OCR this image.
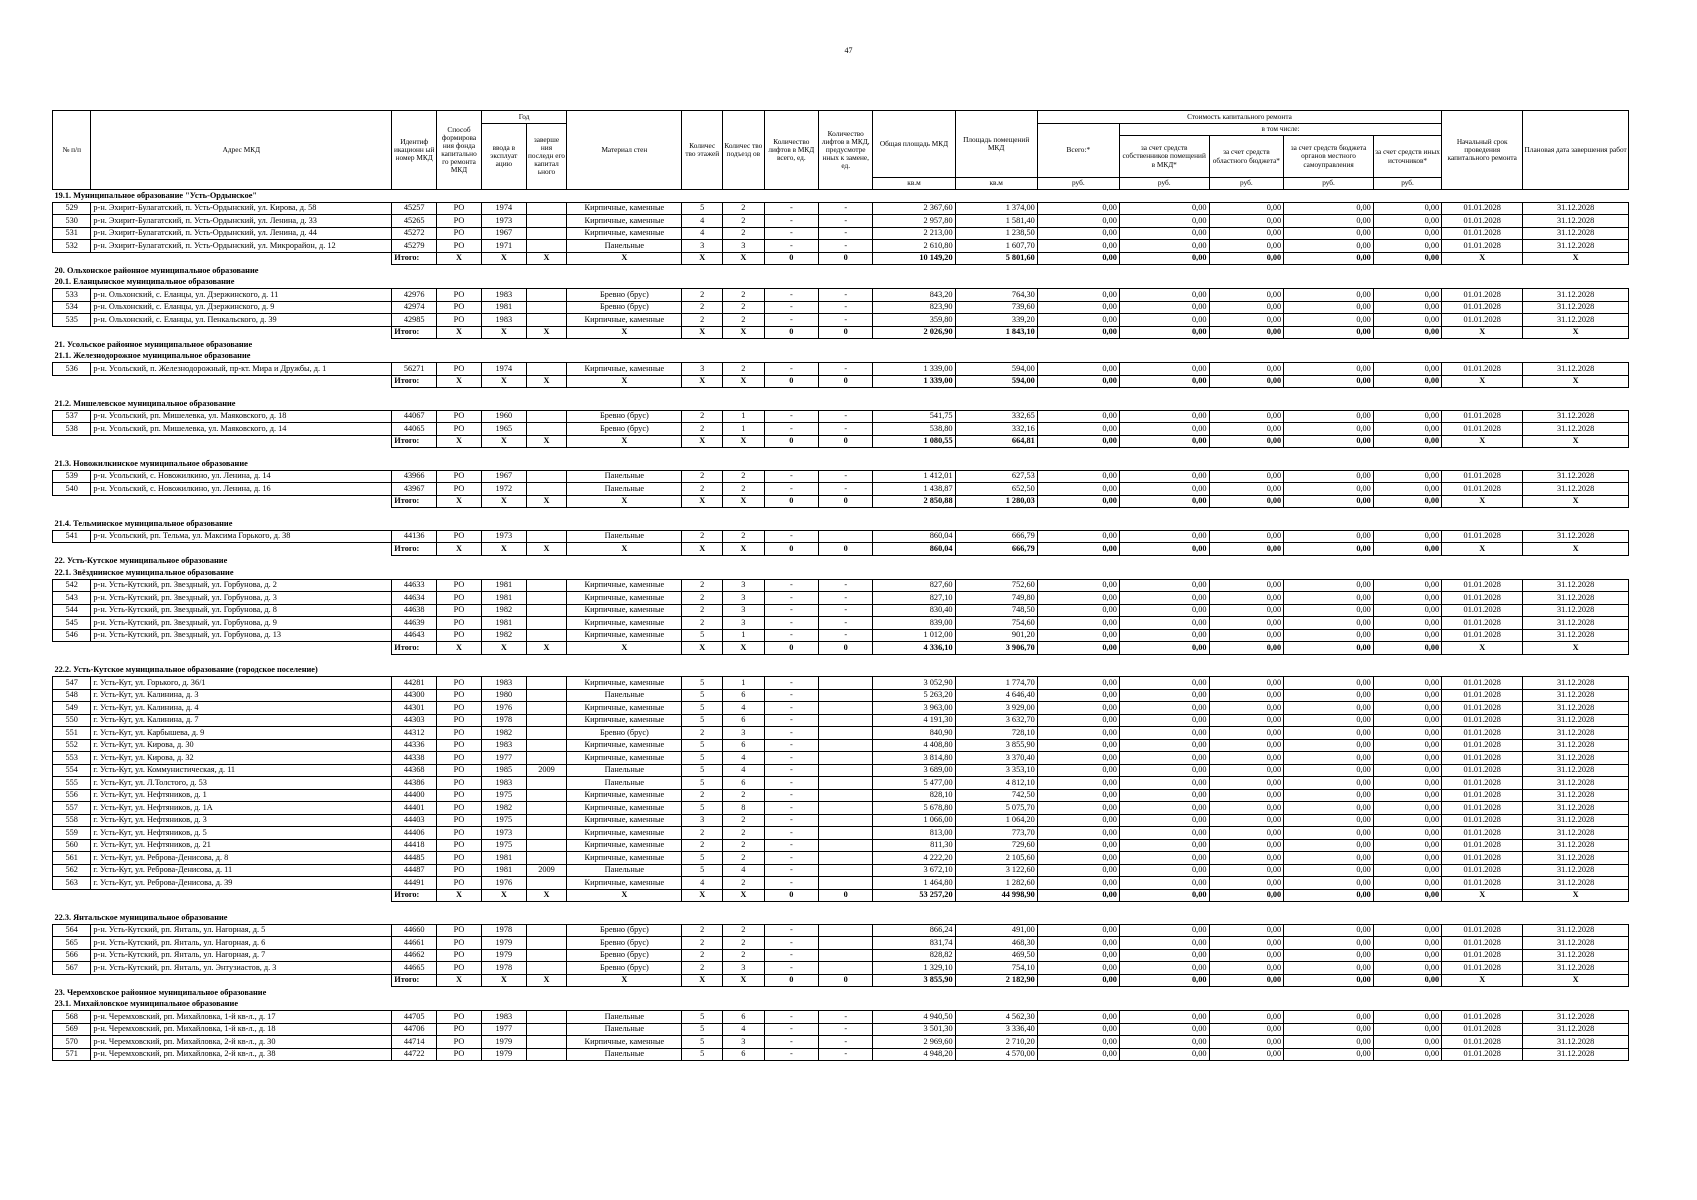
47
№ п/п	Адрес МКД	Идентиф икационн ый номер МКД	Способ формирова ния фонда капитально го ремонта МКД	Год		Материал стен	Количес тво этажей	Количес тво подъезд ов	Количество лифтов в МКД всего, ед.	Количество лифтов в МКД, предусмотре нных к замене, ед.	Общая площадь МКД	Площадь помещений МКД	Стоимость капитального ремонта					Начальный срок проведения капитального ремонта	Плановая дата завершения работ
				ввода в эксплуат ацию	заверше ния последн его капитал ьного								Всего:*	в том числе:					
														за счет средств собственников помещений в МКД*	за счет средств областного бюджета*	за счет средств бюджета органов местного самоуправления	за счет средств иных источников*		
											кв.м	кв.м	руб.	руб.	руб.	руб.	руб.		
19.1. Муниципальное образование "Усть-Ордынское"																			
529	р-н. Эхирит-Булагатский, п. Усть-Ордынский, ул. Кирова, д. 58	45257	РО	1974		Кирпичные, каменные	5	2	-	-	2 367,60	1 374,00	0,00	0,00	0,00	0,00	0,00	01.01.2028	31.12.2028
530	р-н. Эхирит-Булагатский, п. Усть-Ордынский, ул. Ленина, д. 33	45265	РО	1973		Кирпичные, каменные	4	2	-	-	2 957,80	1 581,40	0,00	0,00	0,00	0,00	0,00	01.01.2028	31.12.2028
531	р-н. Эхирит-Булагатский, п. Усть-Ордынский, ул. Ленина, д. 44	45272	РО	1967		Кирпичные, каменные	4	2	-	-	2 213,00	1 238,50	0,00	0,00	0,00	0,00	0,00	01.01.2028	31.12.2028
532	р-н. Эхирит-Булагатский, п. Усть-Ордынский, ул. Микрорайон, д. 12	45279	РО	1971		Панельные	3	3	-	-	2 610,80	1 607,70	0,00	0,00	0,00	0,00	0,00	01.01.2028	31.12.2028
		Итого:	X	X	X	X	X	X	0	0	10 149,20	5 801,60	0,00	0,00	0,00	0,00	0,00	X	X
20. Ольхонское районное муниципальное образование																			
20.1. Еланцынское муниципальное образование																			
533	р-н. Ольхонский, с. Еланцы, ул. Дзержинского, д. 11	42976	РО	1983		Бревно (брус)	2	2	-	-	843,20	764,30	0,00	0,00	0,00	0,00	0,00	01.01.2028	31.12.2028
534	р-н. Ольхонский, с. Еланцы, ул. Дзержинского, д. 9	42974	РО	1981		Бревно (брус)	2	2	-	-	823,90	739,60	0,00	0,00	0,00	0,00	0,00	01.01.2028	31.12.2028
535	р-н. Ольхонский, с. Еланцы, ул. Пенкальского, д. 39	42985	РО	1983		Кирпичные, каменные	2	2	-	-	359,80	339,20	0,00	0,00	0,00	0,00	0,00	01.01.2028	31.12.2028
		Итого:	X	X	X	X	X	X	0	0	2 026,90	1 843,10	0,00	0,00	0,00	0,00	0,00	X	X
21. Усольское районное муниципальное образование																			
21.1. Железнодорожное муниципальное образование																			
536	р-н. Усольский, п. Железнодорожный, пр-кт. Мира и Дружбы, д. 1	56271	РО	1974		Кирпичные, каменные	3	2	-	-	1 339,00	594,00	0,00	0,00	0,00	0,00	0,00	01.01.2028	31.12.2028
		Итого:	X	X	X	X	X	X	0	0	1 339,00	594,00	0,00	0,00	0,00	0,00	0,00	X	X

21.2. Мишелевское муниципальное образование																			
537	р-н. Усольский, рп. Мишелевка, ул. Маяковского, д. 18	44067	РО	1960		Бревно (брус)	2	1	-	-	541,75	332,65	0,00	0,00	0,00	0,00	0,00	01.01.2028	31.12.2028
538	р-н. Усольский, рп. Мишелевка, ул. Маяковского, д. 14	44065	РО	1965		Бревно (брус)	2	1	-	-	538,80	332,16	0,00	0,00	0,00	0,00	0,00	01.01.2028	31.12.2028
		Итого:	X	X	X	X	X	X	0	0	1 080,55	664,81	0,00	0,00	0,00	0,00	0,00	X	X

21.3. Новожилкинское муниципальное образование																			
539	р-н. Усольский, с. Новожилкино, ул. Ленина, д. 14	43966	РО	1967		Панельные	2	2	-	-	1 412,01	627,53	0,00	0,00	0,00	0,00	0,00	01.01.2028	31.12.2028
540	р-н. Усольский, с. Новожилкино, ул. Ленина, д. 16	43967	РО	1972		Панельные	2	2	-	-	1 438,87	652,50	0,00	0,00	0,00	0,00	0,00	01.01.2028	31.12.2028
		Итого:	X	X	X	X	X	X	0	0	2 850,88	1 280,03	0,00	0,00	0,00	0,00	0,00	X	X

21.4. Тельминское муниципальное образование																			
541	р-н. Усольский, рп. Тельма, ул. Максима Горького, д. 38	44136	РО	1973		Панельные	2	2	-		860,04	666,79	0,00	0,00	0,00	0,00	0,00	01.01.2028	31.12.2028
		Итого:	X	X	X	X	X	X	0	0	860,04	666,79	0,00	0,00	0,00	0,00	0,00	X	X
22. Усть-Кутское муниципальное образование																			
22.1. Звёзднинское муниципальное образование																			
542	р-н. Усть-Кутский, рп. Звездный, ул. Горбунова, д. 2	44633	РО	1981		Кирпичные, каменные	2	3	-	-	827,60	752,60	0,00	0,00	0,00	0,00	0,00	01.01.2028	31.12.2028
543	р-н. Усть-Кутский, рп. Звездный, ул. Горбунова, д. 3	44634	РО	1981		Кирпичные, каменные	2	3	-	-	827,10	749,80	0,00	0,00	0,00	0,00	0,00	01.01.2028	31.12.2028
544	р-н. Усть-Кутский, рп. Звездный, ул. Горбунова, д. 8	44638	РО	1982		Кирпичные, каменные	2	3	-	-	830,40	748,50	0,00	0,00	0,00	0,00	0,00	01.01.2028	31.12.2028
545	р-н. Усть-Кутский, рп. Звездный, ул. Горбунова, д. 9	44639	РО	1981		Кирпичные, каменные	2	3	-	-	839,00	754,60	0,00	0,00	0,00	0,00	0,00	01.01.2028	31.12.2028
546	р-н. Усть-Кутский, рп. Звездный, ул. Горбунова, д. 13	44643	РО	1982		Кирпичные, каменные	5	1	-	-	1 012,00	901,20	0,00	0,00	0,00	0,00	0,00	01.01.2028	31.12.2028
		Итого:	X	X	X	X	X	X	0	0	4 336,10	3 906,70	0,00	0,00	0,00	0,00	0,00	X	X

22.2. Усть-Кутское муниципальное образование (городское поселение)																			
547	г. Усть-Кут, ул. Горького, д. 36/1	44281	РО	1983		Кирпичные, каменные	5	1	-		3 052,90	1 774,70	0,00	0,00	0,00	0,00	0,00	01.01.2028	31.12.2028
548	г. Усть-Кут, ул. Калинина, д. 3	44300	РО	1980		Панельные	5	6	-		5 263,20	4 646,40	0,00	0,00	0,00	0,00	0,00	01.01.2028	31.12.2028
549	г. Усть-Кут, ул. Калинина, д. 4	44301	РО	1976		Кирпичные, каменные	5	4	-		3 963,00	3 929,00	0,00	0,00	0,00	0,00	0,00	01.01.2028	31.12.2028
550	г. Усть-Кут, ул. Калинина, д. 7	44303	РО	1978		Кирпичные, каменные	5	6	-		4 191,30	3 632,70	0,00	0,00	0,00	0,00	0,00	01.01.2028	31.12.2028
551	г. Усть-Кут, ул. Карбышева, д. 9	44312	РО	1982		Бревно (брус)	2	3	-		840,90	728,10	0,00	0,00	0,00	0,00	0,00	01.01.2028	31.12.2028
552	г. Усть-Кут, ул. Кирова, д. 30	44336	РО	1983		Кирпичные, каменные	5	6	-		4 408,80	3 855,90	0,00	0,00	0,00	0,00	0,00	01.01.2028	31.12.2028
553	г. Усть-Кут, ул. Кирова, д. 32	44338	РО	1977		Кирпичные, каменные	5	4	-		3 814,80	3 370,40	0,00	0,00	0,00	0,00	0,00	01.01.2028	31.12.2028
554	г. Усть-Кут, ул. Коммунистическая, д. 11	44368	РО	1985	2009	Панельные	5	4	-		3 689,00	3 353,10	0,00	0,00	0,00	0,00	0,00	01.01.2028	31.12.2028
555	г. Усть-Кут, ул. Л.Толстого, д. 53	44386	РО	1983		Панельные	5	6	-		5 477,00	4 812,10	0,00	0,00	0,00	0,00	0,00	01.01.2028	31.12.2028
556	г. Усть-Кут, ул. Нефтяников, д. 1	44400	РО	1975		Кирпичные, каменные	2	2	-		828,10	742,50	0,00	0,00	0,00	0,00	0,00	01.01.2028	31.12.2028
557	г. Усть-Кут, ул. Нефтяников, д. 1А	44401	РО	1982		Кирпичные, каменные	5	8	-		5 678,80	5 075,70	0,00	0,00	0,00	0,00	0,00	01.01.2028	31.12.2028
558	г. Усть-Кут, ул. Нефтяников, д. 3	44403	РО	1975		Кирпичные, каменные	3	2	-		1 066,00	1 064,20	0,00	0,00	0,00	0,00	0,00	01.01.2028	31.12.2028
559	г. Усть-Кут, ул. Нефтяников, д. 5	44406	РО	1973		Кирпичные, каменные	2	2	-		813,00	773,70	0,00	0,00	0,00	0,00	0,00	01.01.2028	31.12.2028
560	г. Усть-Кут, ул. Нефтяников, д. 21	44418	РО	1975		Кирпичные, каменные	2	2	-		811,30	729,60	0,00	0,00	0,00	0,00	0,00	01.01.2028	31.12.2028
561	г. Усть-Кут, ул. Реброва-Денисова, д. 8	44485	РО	1981		Кирпичные, каменные	5	2	-		4 222,20	2 105,60	0,00	0,00	0,00	0,00	0,00	01.01.2028	31.12.2028
562	г. Усть-Кут, ул. Реброва-Денисова, д. 11	44487	РО	1981	2009	Панельные	5	4	-		3 672,10	3 122,60	0,00	0,00	0,00	0,00	0,00	01.01.2028	31.12.2028
563	г. Усть-Кут, ул. Реброва-Денисова, д. 39	44491	РО	1976		Кирпичные, каменные	4	2	-		1 464,80	1 282,60	0,00	0,00	0,00	0,00	0,00	01.01.2028	31.12.2028
		Итого:	X	X	X	X	X	X	0	0	53 257,20	44 998,90	0,00	0,00	0,00	0,00	0,00	X	X

22.3. Янтальское муниципальное образование																			
564	р-н. Усть-Кутский, рп. Янталь, ул. Нагорная, д. 5	44660	РО	1978		Бревно (брус)	2	2	-		866,24	491,00	0,00	0,00	0,00	0,00	0,00	01.01.2028	31.12.2028
565	р-н. Усть-Кутский, рп. Янталь, ул. Нагорная, д. 6	44661	РО	1979		Бревно (брус)	2	2	-		831,74	468,30	0,00	0,00	0,00	0,00	0,00	01.01.2028	31.12.2028
566	р-н. Усть-Кутский, рп. Янталь, ул. Нагорная, д. 7	44662	РО	1979		Бревно (брус)	2	2	-		828,82	469,50	0,00	0,00	0,00	0,00	0,00	01.01.2028	31.12.2028
567	р-н. Усть-Кутский, рп. Янталь, ул. Энтузиастов, д. 3	44665	РО	1978		Бревно (брус)	2	3	-		1 329,10	754,10	0,00	0,00	0,00	0,00	0,00	01.01.2028	31.12.2028
		Итого:	X	X	X	X	X	X	0	0	3 855,90	2 182,90	0,00	0,00	0,00	0,00	0,00	X	X
23. Черемховское районное муниципальное образование																			
23.1. Михайловское муниципальное образование																			
568	р-н. Черемховский, рп. Михайловка, 1-й кв-л., д. 17	44705	РО	1983		Панельные	5	6	-	-	4 940,50	4 562,30	0,00	0,00	0,00	0,00	0,00	01.01.2028	31.12.2028
569	р-н. Черемховский, рп. Михайловка, 1-й кв-л., д. 18	44706	РО	1977		Панельные	5	4	-	-	3 501,30	3 336,40	0,00	0,00	0,00	0,00	0,00	01.01.2028	31.12.2028
570	р-н. Черемховский, рп. Михайловка, 2-й кв-л., д. 30	44714	РО	1979		Кирпичные, каменные	5	3	-	-	2 969,60	2 710,20	0,00	0,00	0,00	0,00	0,00	01.01.2028	31.12.2028
571	р-н. Черемховский, рп. Михайловка, 2-й кв-л., д. 38	44722	РО	1979		Панельные	5	6	-	-	4 948,20	4 570,00	0,00	0,00	0,00	0,00	0,00	01.01.2028	31.12.2028
